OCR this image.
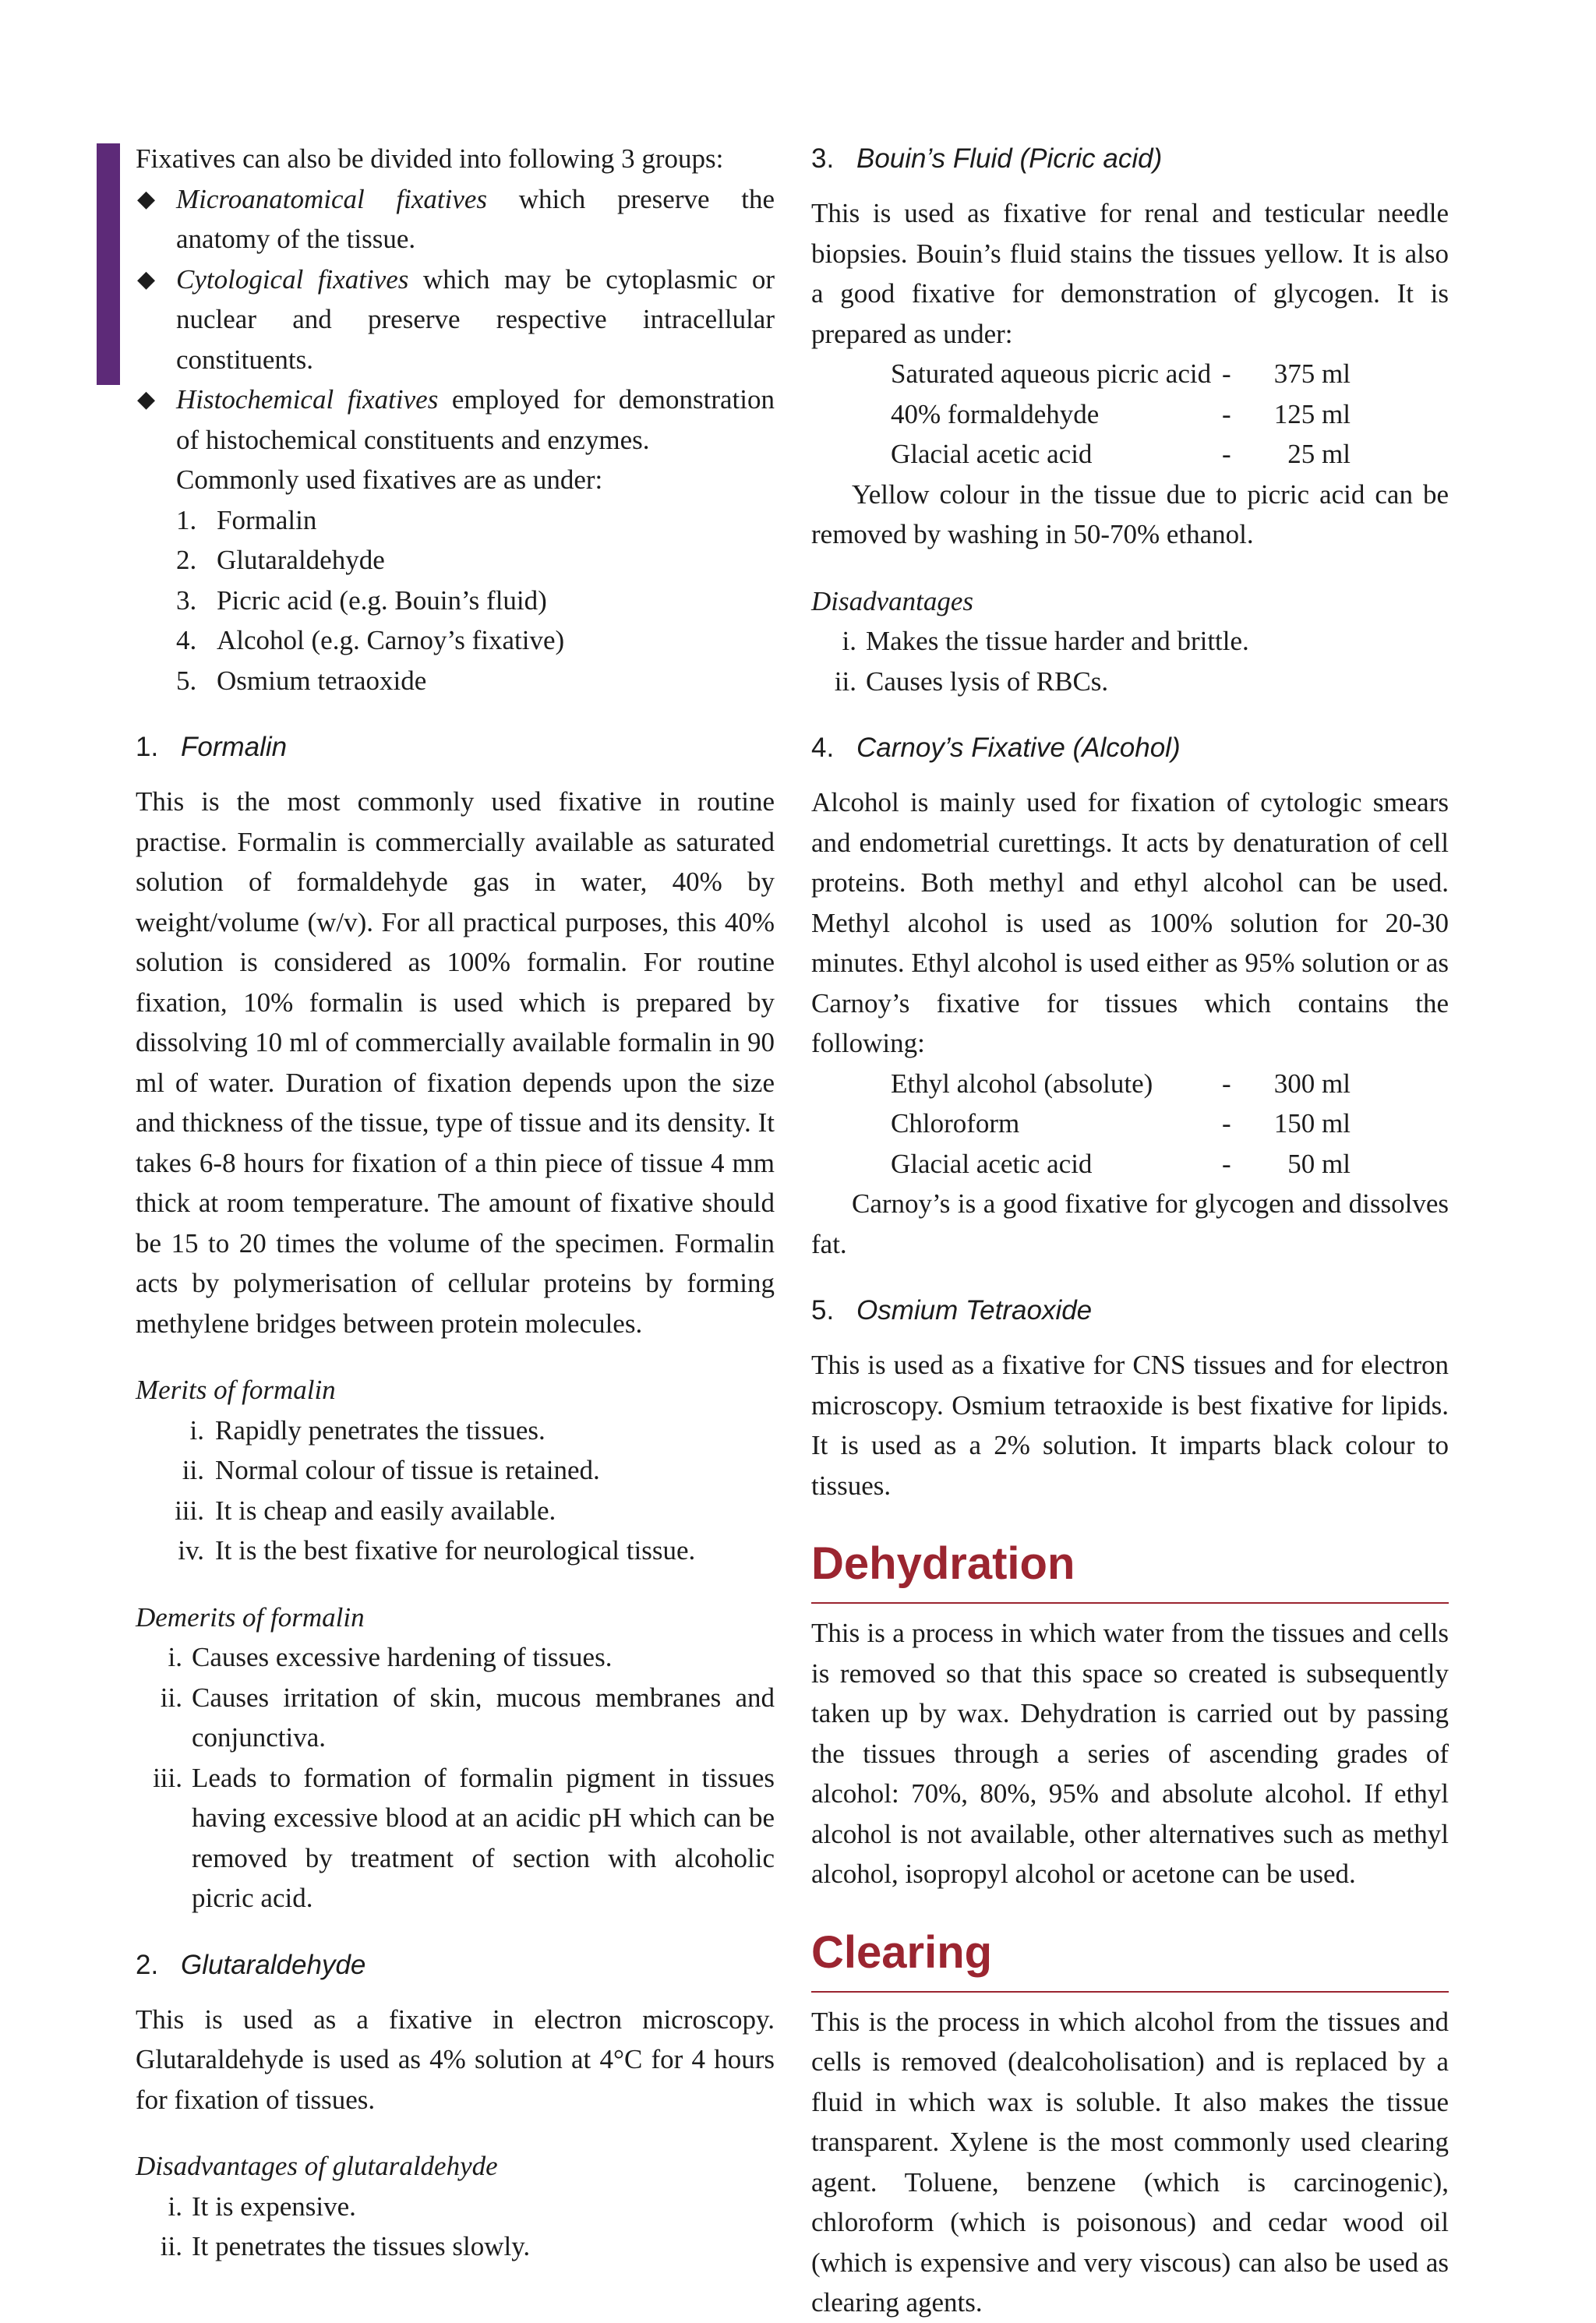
Fixatives can also be divided into following 3 groups:

◆ Microanatomical fixatives which preserve the anatomy of the tissue.
◆ Cytological fixatives which may be cytoplasmic or nuclear and preserve respective intracellular constituents.
◆ Histochemical fixatives employed for demonstration of histochemical constituents and enzymes.

Commonly used fixatives are as under:

1. Formalin
2. Glutaraldehyde
3. Picric acid (e.g. Bouin’s fluid)
4. Alcohol (e.g. Carnoy’s fixative)
5. Osmium tetraoxide
1. Formalin

This is the most commonly used fixative in routine practise. Formalin is commercially available as saturated solution of formaldehyde gas in water, 40% by weight/volume (w/v). For all practical purposes, this 40% solution is considered as 100% formalin. For routine fixation, 10% formalin is used which is prepared by dissolving 10 ml of commercially available formalin in 90 ml of water. Duration of fixation depends upon the size and thickness of the tissue, type of tissue and its density. It takes 6-8 hours for fixation of a thin piece of tissue 4 mm thick at room temperature. The amount of fixative should be 15 to 20 times the volume of the specimen. Formalin acts by polymerisation of cellular proteins by forming methylene bridges between protein molecules.

Merits of formalin

i. Rapidly penetrates the tissues.
ii. Normal colour of tissue is retained.
iii. It is cheap and easily available.
iv. It is the best fixative for neurological tissue.

Demerits of formalin

i. Causes excessive hardening of tissues.
ii. Causes irritation of skin, mucous membranes and conjunctiva.
iii. Leads to formation of formalin pigment in tissues having excessive blood at an acidic pH which can be removed by treatment of section with alcoholic picric acid.
2. Glutaraldehyde

This is used as a fixative in electron microscopy. Glutaraldehyde is used as 4% solution at 4°C for 4 hours for fixation of tissues.

Disadvantages of glutaraldehyde

i. It is expensive.
ii. It penetrates the tissues slowly.
3. Bouin’s Fluid (Picric acid)

This is used as fixative for renal and testicular needle biopsies. Bouin’s fluid stains the tissues yellow. It is also a good fixative for demonstration of glycogen. It is prepared as under:

Saturated aqueous picric acid -	375 ml
40% formaldehyde	-	125 ml
Glacial acetic acid	-	25 ml

Yellow colour in the tissue due to picric acid can be removed by washing in 50-70% ethanol.

Disadvantages

i. Makes the tissue harder and brittle.
ii. Causes lysis of RBCs.
4. Carnoy’s Fixative (Alcohol)

Alcohol is mainly used for fixation of cytologic smears and endometrial curettings. It acts by denaturation of cell proteins. Both methyl and ethyl alcohol can be used. Methyl alcohol is used as 100% solution for 20-30 minutes. Ethyl alcohol is used either as 95% solution or as Carnoy’s fixative for tissues which contains the following:

Ethyl alcohol (absolute)	-	300 ml
Chloroform	-	150 ml
Glacial acetic acid	-	50 ml

Carnoy’s is a good fixative for glycogen and dissolves fat.

5. Osmium Tetraoxide

This is used as a fixative for CNS tissues and for electron microscopy. Osmium tetraoxide is best fixative for lipids. It is used as a 2% solution. It imparts black colour to tissues.

Dehydration

This is a process in which water from the tissues and cells is removed so that this space so created is subsequently taken up by wax. Dehydration is carried out by passing the tissues through a series of ascending grades of alcohol: 70%, 80%, 95% and absolute alcohol. If ethyl alcohol is not available, other alternatives such as methyl alcohol, isopropyl alcohol or acetone can be used.

Clearing

This is the process in which alcohol from the tissues and cells is removed (dealcoholisation) and is replaced by a fluid in which wax is soluble. It also makes the tissue transparent. Xylene is the most commonly used clearing agent. Toluene, benzene (which is carcinogenic), chloroform (which is poisonous) and cedar wood oil (which is expensive and very viscous) can also be used as clearing agents.
